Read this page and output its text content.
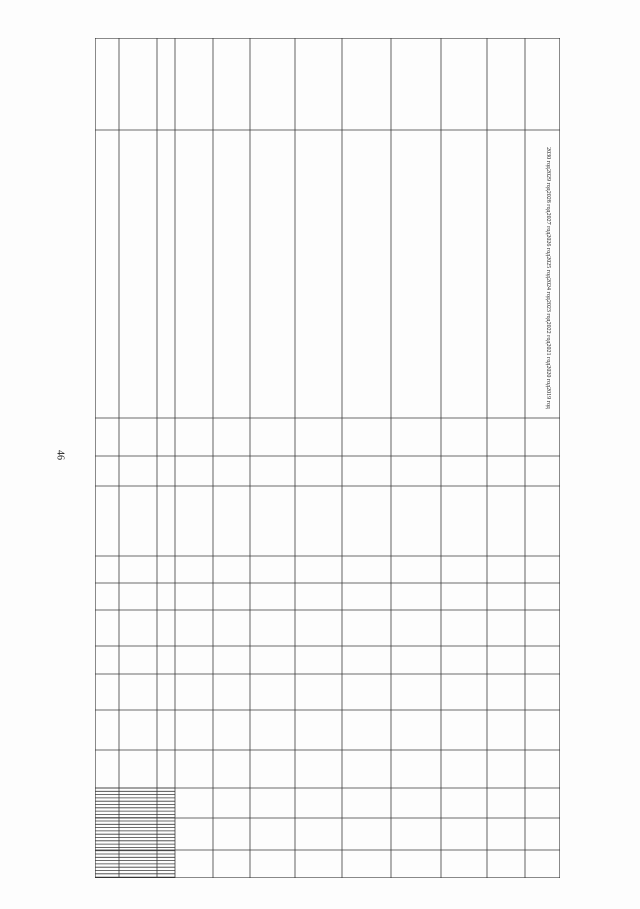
46
2019 год
2020 год
2021 год
2022 год
2023 год
2024 год
2025 год
2026 год
2027 год
2028 год
2029 год
2030 год
